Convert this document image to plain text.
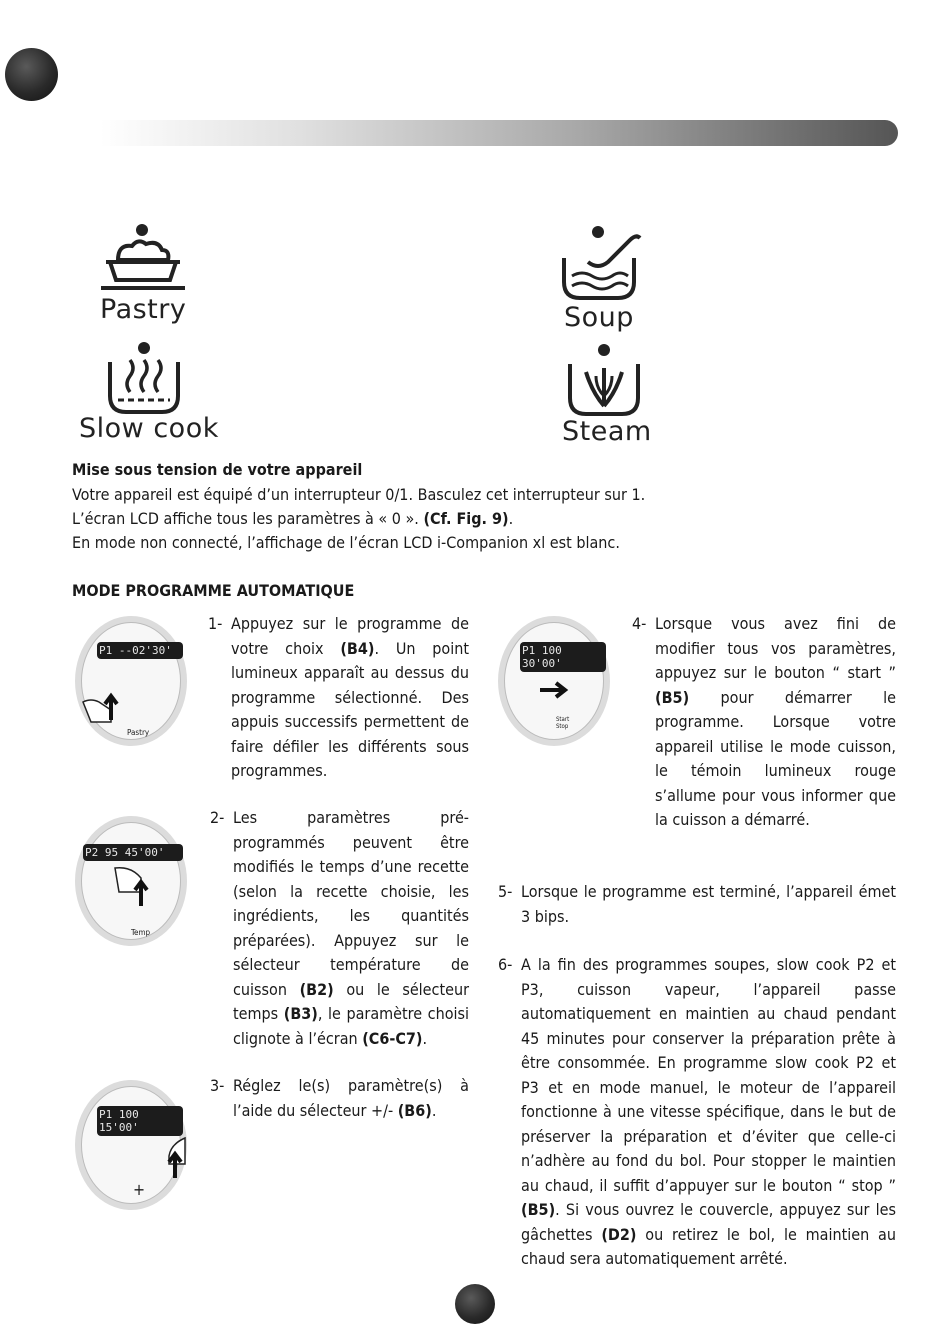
Pastry	Soup
Slow cook	Steam
Mise sous tension de votre appareil
Votre appareil est équipé d’un interrupteur 0/1. Basculez cet interrupteur sur 1.
L’écran LCD affiche tous les paramètres à « 0 ». (Cf. Fig. 9).
En mode non connecté, l’affichage de l’écran LCD i-Companion xl est blanc.
MODE PROGRAMME AUTOMATIQUE
P1 --02'30'
Pastry
P2 95 45'00'
Temp
P1 100 15'00'
+
P1 100 30'00'
Start Stop
1- Appuyez sur le programme de votre choix (B4). Un point lumineux apparaît au dessus du programme sélectionné. Des appuis successifs permettent de faire défiler les différents sous programmes.
2- Les paramètres pré-programmés peuvent être modifiés le temps d’une recette (selon la recette choisie, les ingrédients, les quantités préparées). Appuyez sur le sélecteur température de cuisson (B2) ou le sélecteur temps (B3), le paramètre choisi clignote à l’écran (C6-C7).
3- Réglez le(s) paramètre(s) à l’aide du sélecteur +/- (B6).
4- Lorsque vous avez fini de modifier tous vos paramètres, appuyez sur le bouton “ start ” (B5) pour démarrer le programme. Lorsque votre appareil utilise le mode cuisson, le témoin lumineux rouge s’allume pour vous informer que la cuisson a démarré.
5- Lorsque le programme est terminé, l’appareil émet 3 bips.
6- A la fin des programmes soupes, slow cook P2 et P3, cuisson vapeur, l’appareil passe automatiquement en maintien au chaud pendant 45 minutes pour conserver la préparation prête à être consommée. En programme slow cook P2 et P3 et en mode manuel, le moteur de l’appareil fonctionne à une vitesse spécifique, dans le but de préserver la préparation et d’éviter que celle-ci n’adhère au fond du bol. Pour stopper le maintien au chaud, il suffit d’appuyer sur le bouton “ stop ” (B5). Si vous ouvrez le couvercle, appuyez sur les gâchettes (D2) ou retirez le bol, le maintien au chaud sera automatiquement arrêté.
